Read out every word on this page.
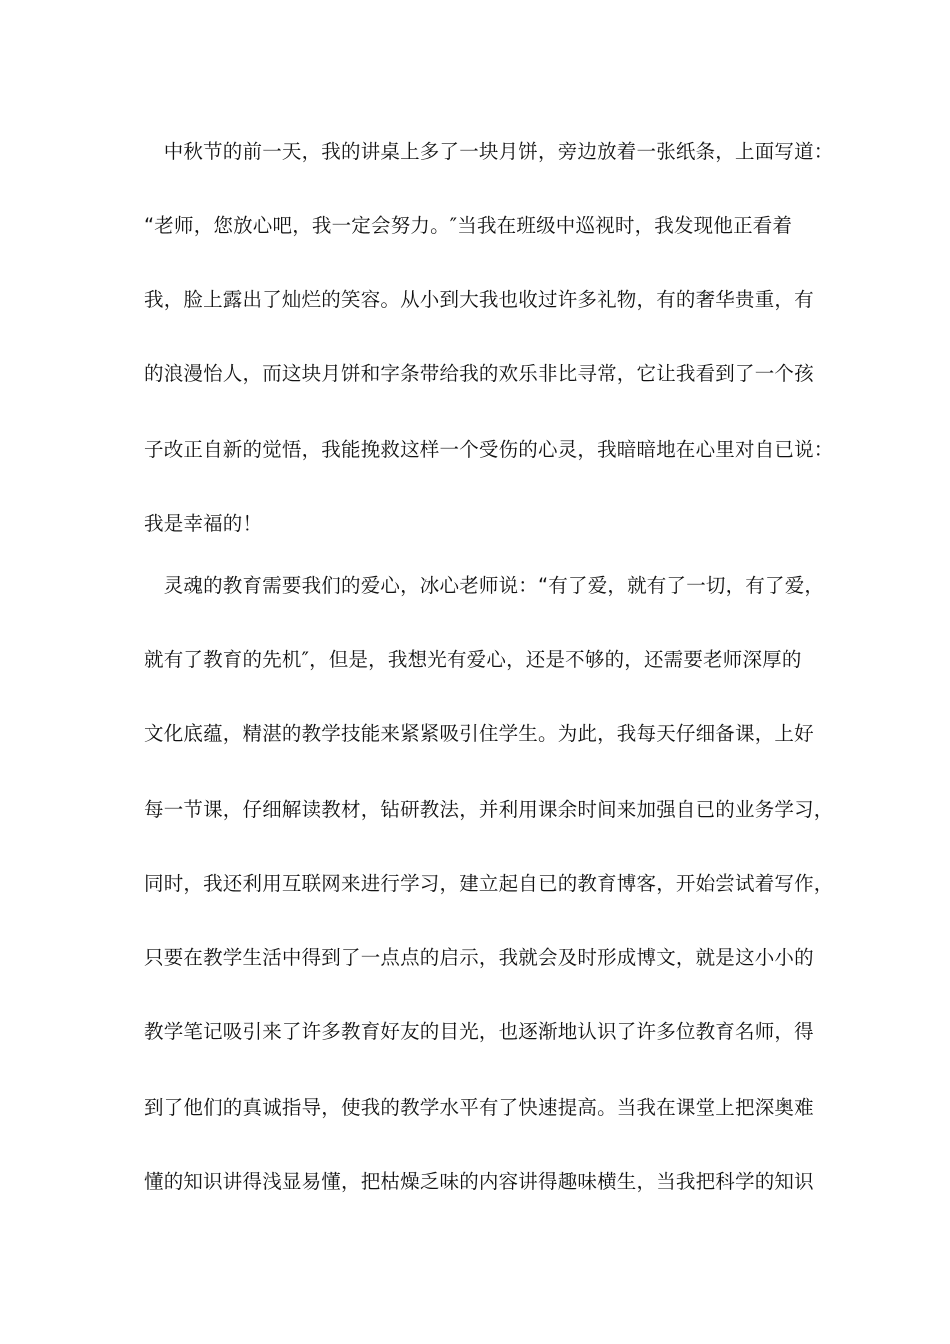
　中秋节的前一天，我的讲桌上多了一块月饼，旁边放着一张纸条，上面写道：
“老师，您放心吧，我一定会努力。″当我在班级中巡视时，我发现他正看着
我，脸上露出了灿烂的笑容。从小到大我也收过许多礼物，有的奢华贵重，有
的浪漫怡人，而这块月饼和字条带给我的欢乐非比寻常，它让我看到了一个孩
子改正自新的觉悟，我能挽救这样一个受伤的心灵，我暗暗地在心里对自已说：
我是幸福的！
　灵魂的教育需要我们的爱心，冰心老师说：“有了爱，就有了一切，有了爱，
就有了教育的先机″，但是，我想光有爱心，还是不够的，还需要老师深厚的
文化底蕴，精湛的教学技能来紧紧吸引住学生。为此，我每天仔细备课，上好
每一节课，仔细解读教材，钻研教法，并利用课余时间来加强自已的业务学习，
同时，我还利用互联网来进行学习，建立起自已的教育博客，开始尝试着写作，
只要在教学生活中得到了一点点的启示，我就会及时形成博文，就是这小小的
教学笔记吸引来了许多教育好友的目光，也逐渐地认识了许多位教育名师，得
到了他们的真诚指导，使我的教学水平有了快速提高。当我在课堂上把深奥难
懂的知识讲得浅显易懂，把枯燥乏味的内容讲得趣味横生，当我把科学的知识
